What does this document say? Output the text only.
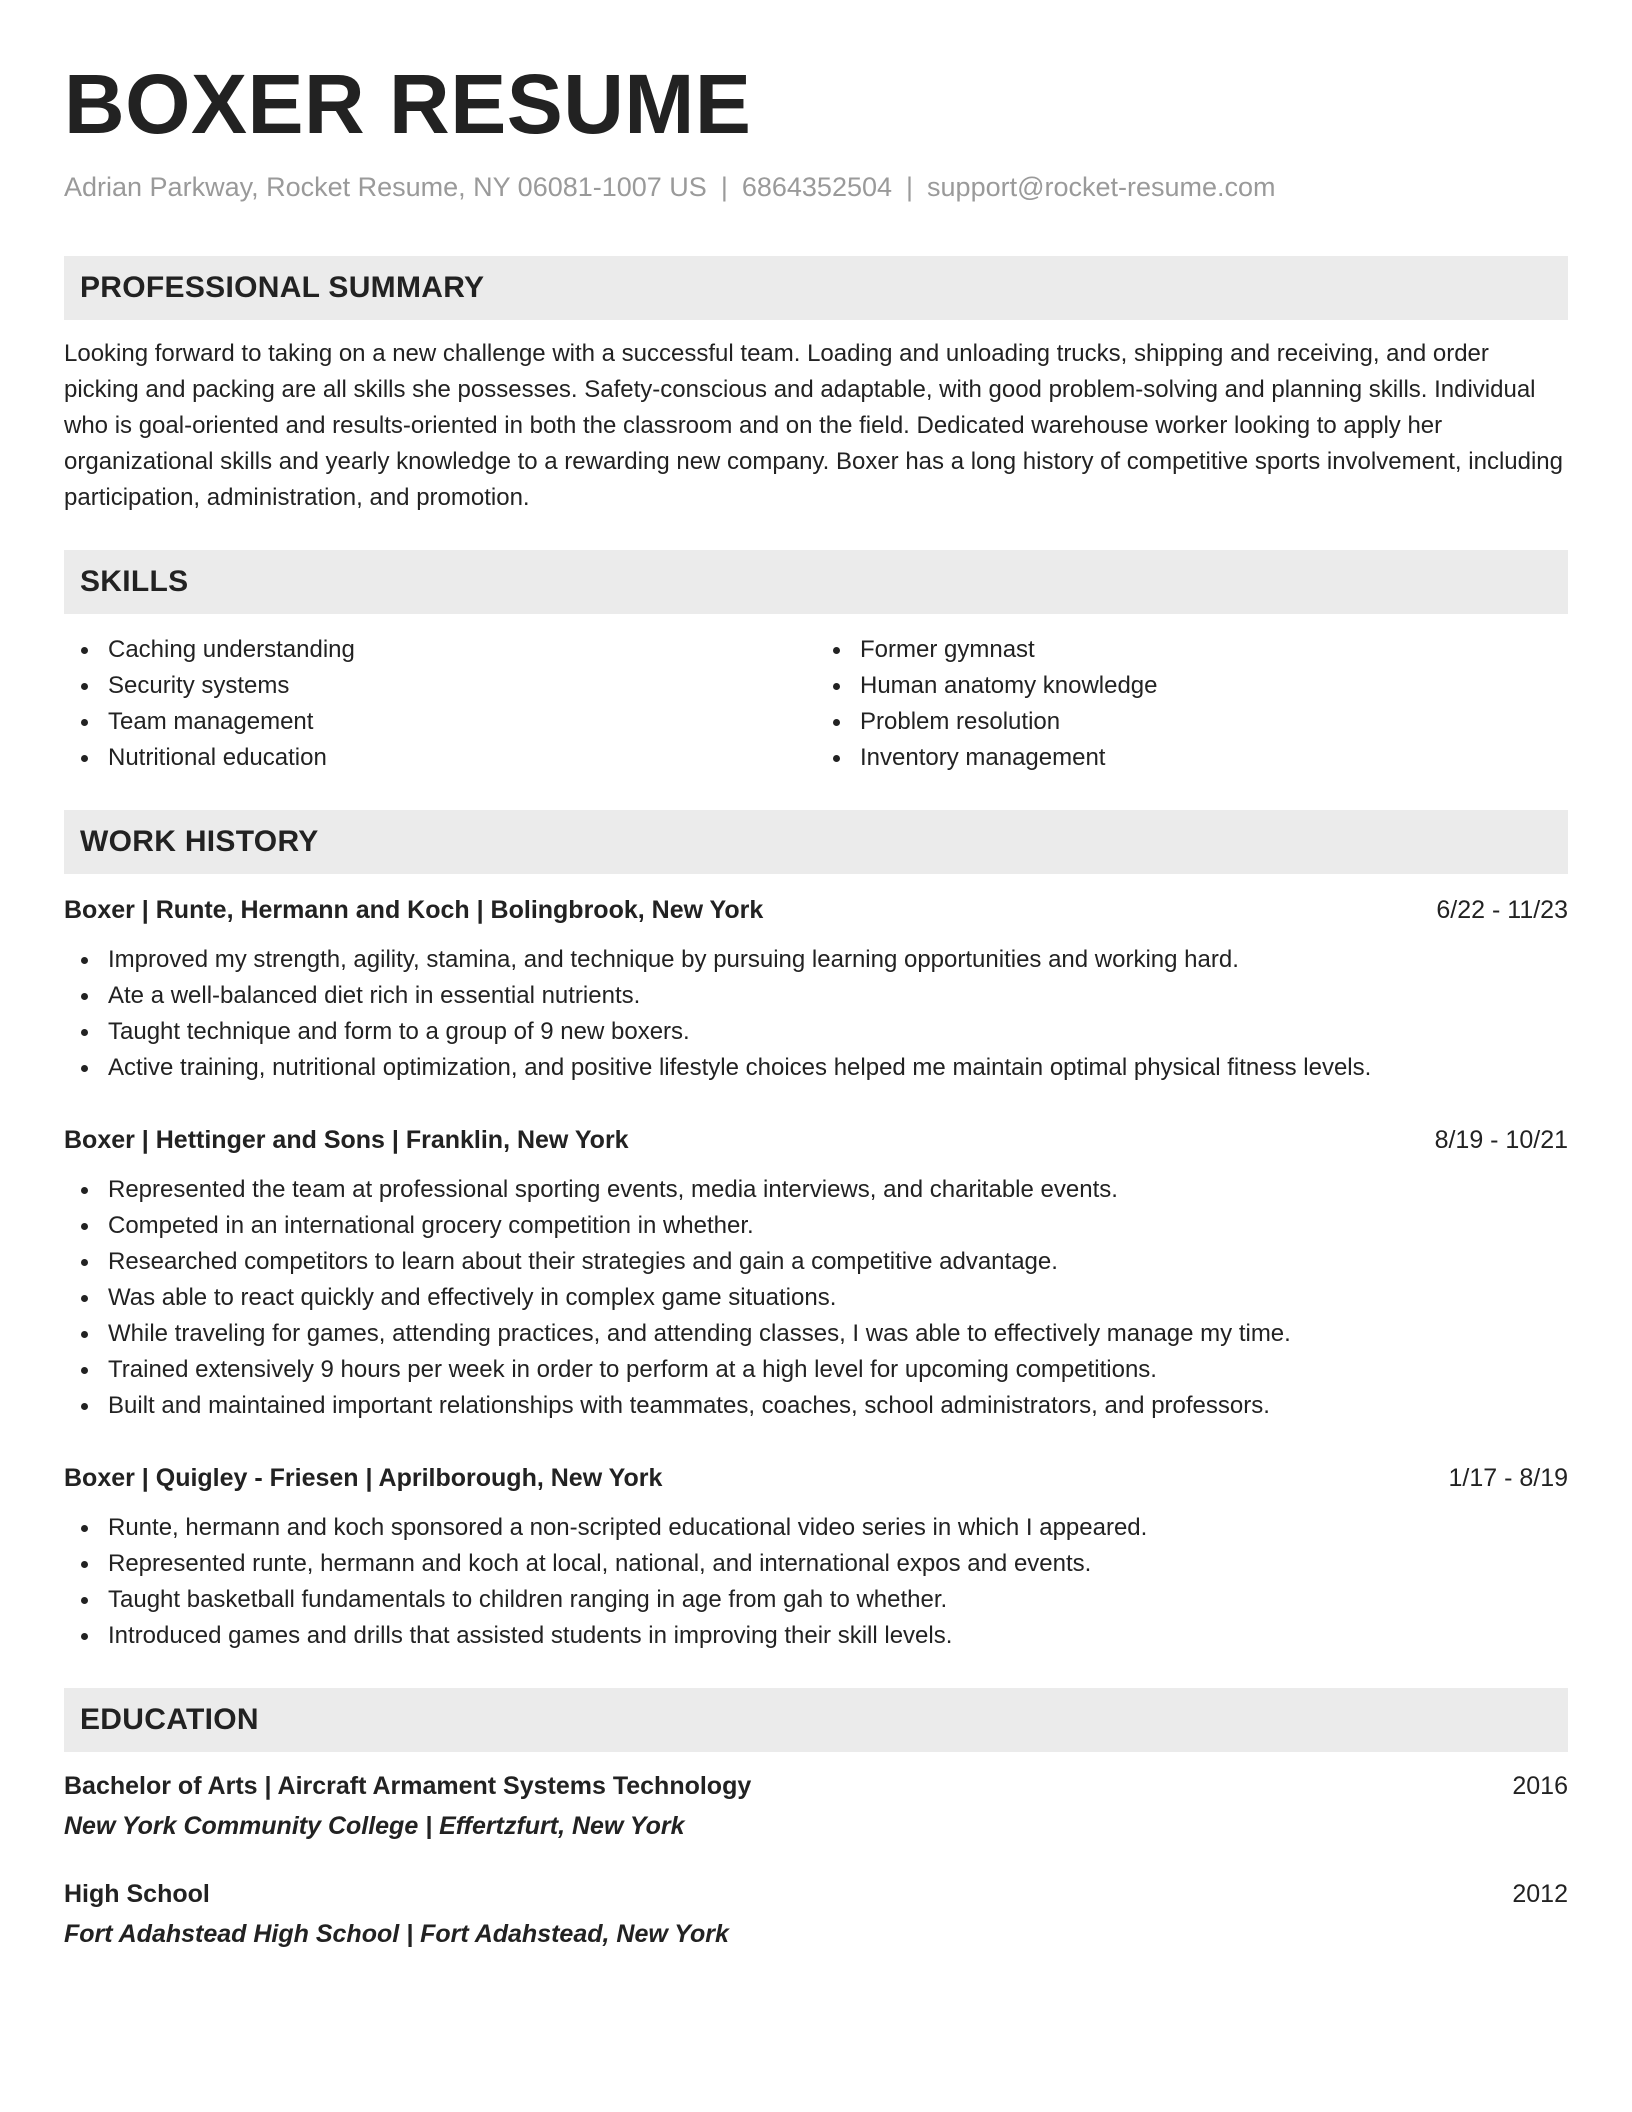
BOXER RESUME
Adrian Parkway, Rocket Resume, NY 06081-1007 US | 6864352504 | support@rocket-resume.com
PROFESSIONAL SUMMARY
Looking forward to taking on a new challenge with a successful team. Loading and unloading trucks, shipping and receiving, and order picking and packing are all skills she possesses. Safety-conscious and adaptable, with good problem-solving and planning skills. Individual who is goal-oriented and results-oriented in both the classroom and on the field. Dedicated warehouse worker looking to apply her organizational skills and yearly knowledge to a rewarding new company. Boxer has a long history of competitive sports involvement, including participation, administration, and promotion.
SKILLS
Caching understanding
Security systems
Team management
Nutritional education
Former gymnast
Human anatomy knowledge
Problem resolution
Inventory management
WORK HISTORY
Boxer | Runte, Hermann and Koch | Bolingbrook, New York	6/22 - 11/23
Improved my strength, agility, stamina, and technique by pursuing learning opportunities and working hard.
Ate a well-balanced diet rich in essential nutrients.
Taught technique and form to a group of 9 new boxers.
Active training, nutritional optimization, and positive lifestyle choices helped me maintain optimal physical fitness levels.
Boxer | Hettinger and Sons | Franklin, New York	8/19 - 10/21
Represented the team at professional sporting events, media interviews, and charitable events.
Competed in an international grocery competition in whether.
Researched competitors to learn about their strategies and gain a competitive advantage.
Was able to react quickly and effectively in complex game situations.
While traveling for games, attending practices, and attending classes, I was able to effectively manage my time.
Trained extensively 9 hours per week in order to perform at a high level for upcoming competitions.
Built and maintained important relationships with teammates, coaches, school administrators, and professors.
Boxer | Quigley - Friesen | Aprilborough, New York	1/17 - 8/19
Runte, hermann and koch sponsored a non-scripted educational video series in which I appeared.
Represented runte, hermann and koch at local, national, and international expos and events.
Taught basketball fundamentals to children ranging in age from gah to whether.
Introduced games and drills that assisted students in improving their skill levels.
EDUCATION
Bachelor of Arts | Aircraft Armament Systems Technology	2016
New York Community College | Effertzfurt, New York
High School	2012
Fort Adahstead High School | Fort Adahstead, New York
